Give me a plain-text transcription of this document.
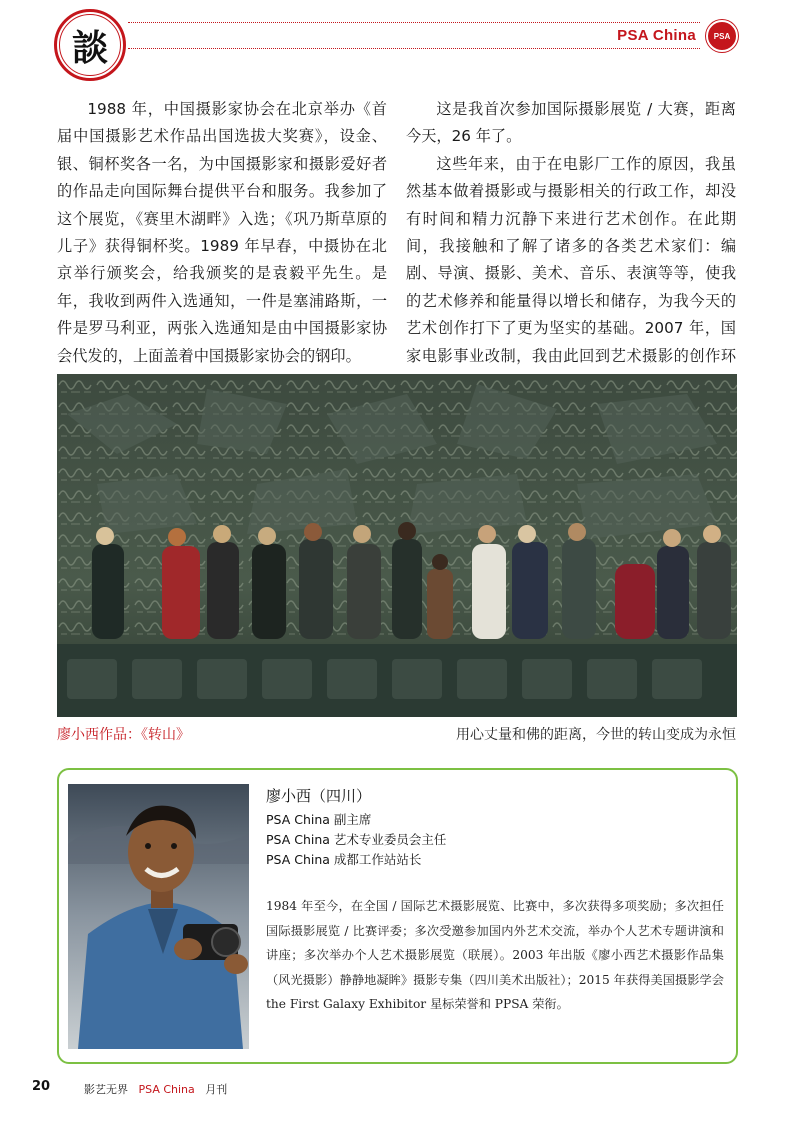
談	PSA China PSA

1988 年，中国摄影家协会在北京举办《首届中国摄影艺术作品出国选拔大奖赛》，设金、银、铜杯奖各一名，为中国摄影家和摄影爱好者的作品走向国际舞台提供平台和服务。我参加了这个展览，《赛里木湖畔》入选；《巩乃斯草原的儿子》获得铜杯奖。1989 年早春，中摄协在北京举行颁奖会，给我颁奖的是袁毅平先生。是年，我收到两件入选通知，一件是塞浦路斯，一件是罗马利亚，两张入选通知是由中国摄影家协会代发的，上面盖着中国摄影家协会的钢印。

这是我首次参加国际摄影展览 / 大赛，距离今天，26 年了。

这些年来，由于在电影厂工作的原因，我虽然基本做着摄影或与摄影相关的行政工作，却没有时间和精力沉静下来进行艺术创作。在此期间，我接触和了解了诸多的各类艺术家们：编剧、导演、摄影、美术、音乐、表演等等，使我的艺术修养和能量得以增长和储存，为我今天的艺术创作打下了更为坚实的基础。2007 年，国家电影事业改制，我由此回到艺术摄影的创作环

廖小西作品：《转山》	用心丈量和佛的距离，今世的转山变成为永恒
廖小西（四川）
PSA China 副主席
PSA China 艺术专业委员会主任
PSA China 成都工作站站长
1984 年至今，在全国 / 国际艺术摄影展览、比赛中，多次获得多项奖励；多次担任国际摄影展览 / 比赛评委；多次受邀参加国内外艺术交流，举办个人艺术专题讲演和讲座；多次举办个人艺术摄影展览（联展）。2003 年出版《廖小西艺术摄影作品集（风光摄影）静静地凝眸》摄影专集（四川美术出版社）；2015 年获得美国摄影学会 the First Galaxy Exhibitor 星标荣誉和 PPSA 荣衔。
20	影艺无界 PSA China 月刊
